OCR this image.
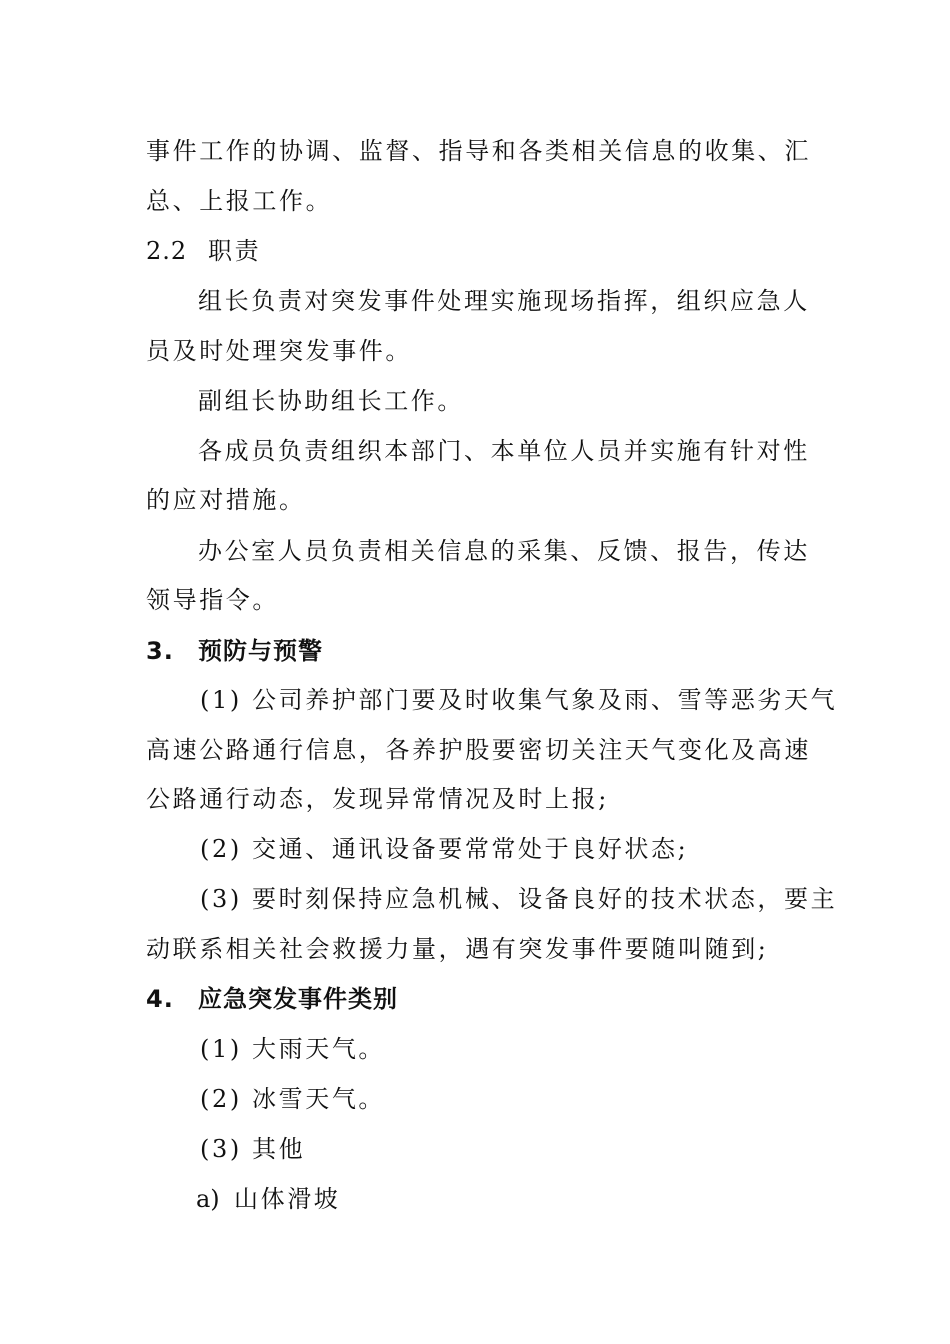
事件工作的协调、监督、指导和各类相关信息的收集、汇
总、上报工作。
2.2 职责
组长负责对突发事件处理实施现场指挥，组织应急人
员及时处理突发事件。
副组长协助组长工作。
各成员负责组织本部门、本单位人员并实施有针对性
的应对措施。
办公室人员负责相关信息的采集、反馈、报告，传达
领导指令。
3. 预防与预警
(1) 公司养护部门要及时收集气象及雨、雪等恶劣天气
高速公路通行信息，各养护股要密切关注天气变化及高速
公路通行动态，发现异常情况及时上报;
(2) 交通、通讯设备要常常处于良好状态;
(3) 要时刻保持应急机械、设备良好的技术状态，要主
动联系相关社会救援力量，遇有突发事件要随叫随到;
4. 应急突发事件类别
(1) 大雨天气。
(2) 冰雪天气。
(3) 其他
a) 山体滑坡
